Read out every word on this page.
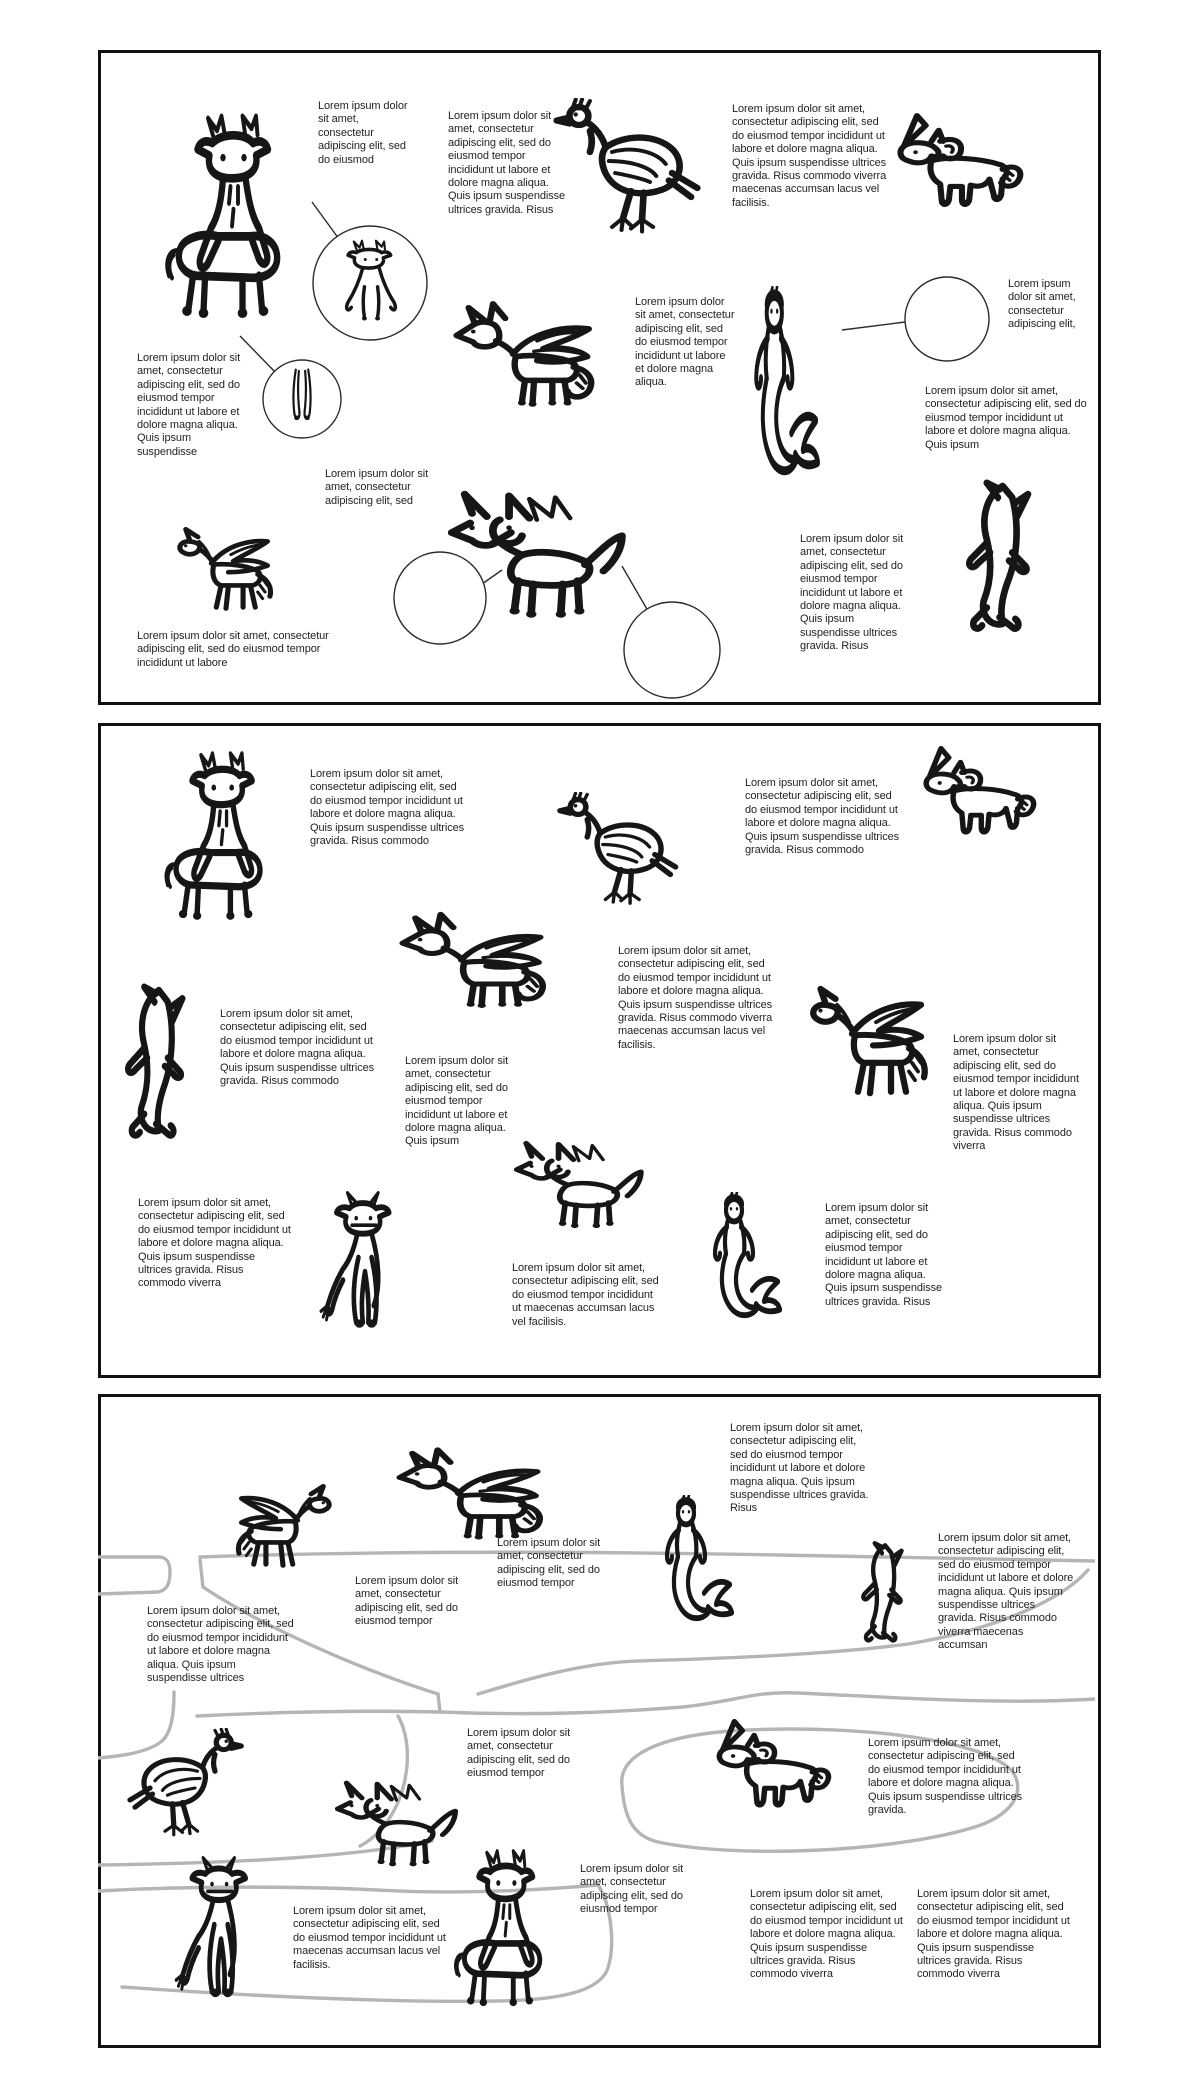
Lorem ipsum dolor sit amet, consectetur adipiscing elit, sed do eiusmod
Lorem ipsum dolor sit amet, consectetur adipiscing elit, sed do eiusmod tempor incididunt ut labore et dolore magna aliqua. Quis ipsum suspendisse ultrices gravida. Risus
Lorem ipsum dolor sit amet, consectetur adipiscing elit, sed do eiusmod tempor incididunt ut labore et dolore magna aliqua. Quis ipsum suspendisse ultrices gravida. Risus commodo viverra maecenas accumsan lacus vel facilisis.
Lorem ipsum dolor sit amet, consectetur adipiscing elit, sed do eiusmod tempor incididunt ut labore et dolore magna aliqua. Quis ipsum suspendisse
Lorem ipsum dolor sit amet, consectetur adipiscing elit, sed do eiusmod tempor incididunt ut labore et dolore magna aliqua.
Lorem ipsum dolor sit amet, consectetur adipiscing elit,
Lorem ipsum dolor sit amet, consectetur adipiscing elit, sed do eiusmod tempor incididunt ut labore et dolore magna aliqua. Quis ipsum
Lorem ipsum dolor sit amet, consectetur adipiscing elit, sed
Lorem ipsum dolor sit amet, consectetur adipiscing elit, sed do eiusmod tempor incididunt ut labore
Lorem ipsum dolor sit amet, consectetur adipiscing elit, sed do eiusmod tempor incididunt ut labore et dolore magna aliqua. Quis ipsum suspendisse ultrices gravida. Risus
Lorem ipsum dolor sit amet, consectetur adipiscing elit, sed do eiusmod tempor incididunt ut labore et dolore magna aliqua. Quis ipsum suspendisse ultrices gravida. Risus commodo
Lorem ipsum dolor sit amet, consectetur adipiscing elit, sed do eiusmod tempor incididunt ut labore et dolore magna aliqua. Quis ipsum suspendisse ultrices gravida. Risus commodo
Lorem ipsum dolor sit amet, consectetur adipiscing elit, sed do eiusmod tempor incididunt ut labore et dolore magna aliqua. Quis ipsum suspendisse ultrices gravida. Risus commodo
Lorem ipsum dolor sit amet, consectetur adipiscing elit, sed do eiusmod tempor incididunt ut labore et dolore magna aliqua. Quis ipsum
Lorem ipsum dolor sit amet, consectetur adipiscing elit, sed do eiusmod tempor incididunt ut labore et dolore magna aliqua. Quis ipsum suspendisse ultrices gravida. Risus commodo viverra maecenas accumsan lacus vel facilisis.	Lorem ipsum dolor sit amet, consectetur adipiscing elit, sed do eiusmod tempor incididunt ut labore et dolore magna aliqua. Quis ipsum suspendisse ultrices gravida. Risus commodo viverra
Lorem ipsum dolor sit amet, consectetur adipiscing elit, sed do eiusmod tempor incididunt ut labore et dolore magna aliqua. Quis ipsum suspendisse ultrices gravida. Risus commodo viverra
Lorem ipsum dolor sit amet, consectetur adipiscing elit, sed do eiusmod tempor incididunt ut maecenas accumsan lacus vel facilisis.
Lorem ipsum dolor sit amet, consectetur adipiscing elit, sed do eiusmod tempor incididunt ut labore et dolore magna aliqua. Quis ipsum suspendisse ultrices gravida. Risus
Lorem ipsum dolor sit amet, consectetur adipiscing elit, sed do eiusmod tempor incididunt ut labore et dolore magna aliqua. Quis ipsum suspendisse ultrices gravida. Risus
Lorem ipsum dolor sit amet, consectetur adipiscing elit, sed do eiusmod tempor incididunt ut labore et dolore magna aliqua. Quis ipsum suspendisse ultrices
Lorem ipsum dolor sit amet, consectetur adipiscing elit, sed do eiusmod tempor
Lorem ipsum dolor sit amet, consectetur adipiscing elit, sed do eiusmod tempor
Lorem ipsum dolor sit amet, consectetur adipiscing elit, sed do eiusmod tempor incididunt ut labore et dolore magna aliqua. Quis ipsum suspendisse ultrices gravida. Risus commodo viverra maecenas accumsan
Lorem ipsum dolor sit amet, consectetur adipiscing elit, sed do eiusmod tempor
Lorem ipsum dolor sit amet, consectetur adipiscing elit, sed do eiusmod tempor incididunt ut labore et dolore magna aliqua. Quis ipsum suspendisse ultrices gravida.
Lorem ipsum dolor sit amet, consectetur adipiscing elit, sed do eiusmod tempor
Lorem ipsum dolor sit amet, consectetur adipiscing elit, sed do eiusmod tempor incididunt ut maecenas accumsan lacus vel facilisis.
Lorem ipsum dolor sit amet, consectetur adipiscing elit, sed do eiusmod tempor incididunt ut labore et dolore magna aliqua. Quis ipsum suspendisse ultrices gravida. Risus commodo viverra
Lorem ipsum dolor sit amet, consectetur adipiscing elit, sed do eiusmod tempor incididunt ut labore et dolore magna aliqua. Quis ipsum suspendisse ultrices gravida. Risus commodo viverra
